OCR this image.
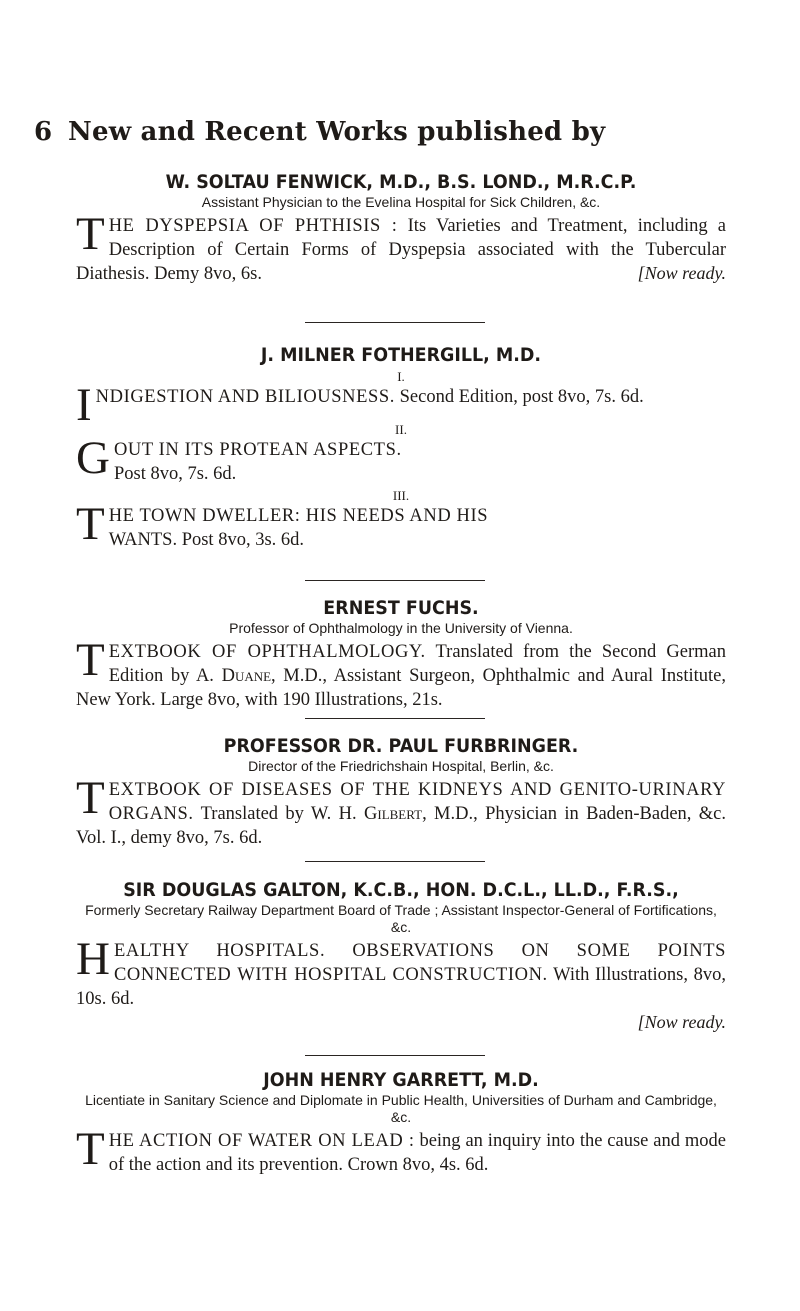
6 New and Recent Works published by
W. SOLTAU FENWICK, M.D., B.S. LOND., M.R.C.P.
Assistant Physician to the Evelina Hospital for Sick Children, &c.
THE DYSPEPSIA OF PHTHISIS : Its Varieties and Treatment, including a Description of Certain Forms of Dyspepsia associated with the Tubercular Diathesis. Demy 8vo, 6s.	[Now ready.
J. MILNER FOTHERGILL, M.D.
I.
INDIGESTION AND BILIOUSNESS. Second Edition, post 8vo, 7s. 6d.
II.
GOUT IN ITS PROTEAN ASPECTS.
Post 8vo, 7s. 6d.
III.
THE TOWN DWELLER: HIS NEEDS AND HIS
WANTS. Post 8vo, 3s. 6d.
ERNEST FUCHS.
Professor of Ophthalmology in the University of Vienna.
TEXTBOOK OF OPHTHALMOLOGY. Translated from the Second German Edition by A. Duane, M.D., Assistant Surgeon, Ophthalmic and Aural Institute, New York. Large 8vo, with 190 Illustrations, 21s.
PROFESSOR DR. PAUL FURBRINGER.
Director of the Friedrichshain Hospital, Berlin, &c.
TEXTBOOK OF DISEASES OF THE KIDNEYS AND GENITO-URINARY ORGANS. Translated by W. H. Gilbert, M.D., Physician in Baden-Baden, &c. Vol. I., demy 8vo, 7s. 6d.
SIR DOUGLAS GALTON, K.C.B., HON. D.C.L., LL.D., F.R.S.,
Formerly Secretary Railway Department Board of Trade ; Assistant Inspector-General of Fortifications, &c.
HEALTHY HOSPITALS. OBSERVATIONS ON SOME POINTS CONNECTED WITH HOSPITAL CONSTRUCTION. With Illustrations, 8vo, 10s. 6d.
[Now ready.
JOHN HENRY GARRETT, M.D.
Licentiate in Sanitary Science and Diplomate in Public Health, Universities of Durham and Cambridge, &c.
THE ACTION OF WATER ON LEAD : being an inquiry into the cause and mode of the action and its prevention. Crown 8vo, 4s. 6d.
